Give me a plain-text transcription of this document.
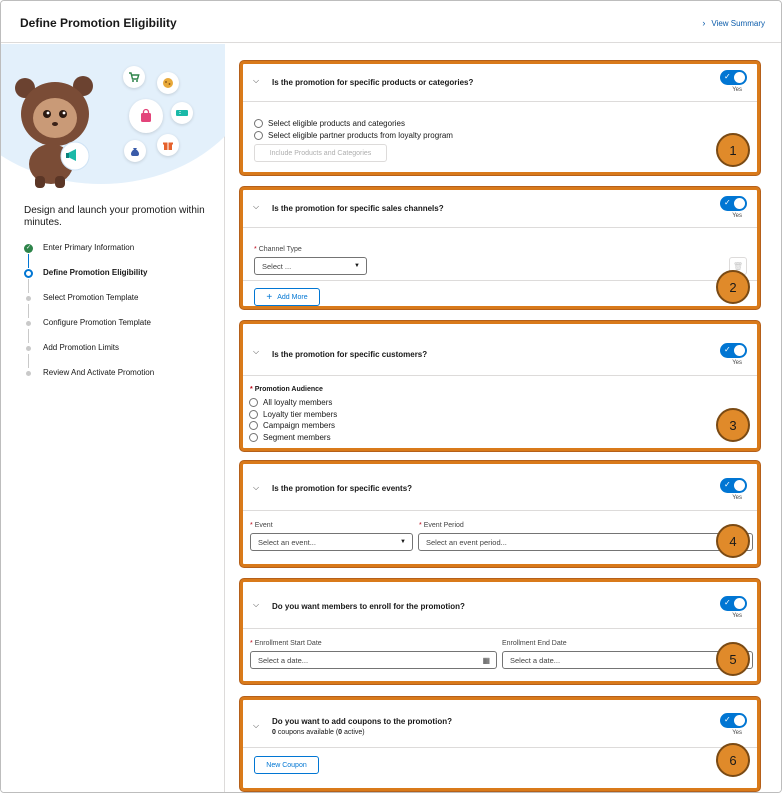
Define Promotion Eligibility	› View Summary
Design and launch your promotion within minutes.
✓ Enter Primary Information
Define Promotion Eligibility
Select Promotion Template
Configure Promotion Template
Add Promotion Limits
Review And Activate Promotion
⌵ Is the promotion for specific products or categories?
✓
Yes
Select eligible products and categories
Select eligible partner products from loyalty program
Include Products and Categories	1
⌵ Is the promotion for specific sales channels?
✓
Yes
* Channel Type
Select ...	▼	🗑
+ Add More
2
⌵ Is the promotion for specific customers?
✓
Yes
* Promotion Audience
All loyalty members
Loyalty tier members
Campaign members
Segment members
3
⌵ Is the promotion for specific events?	✓
Yes
* Event
Select an event...	▼
* Event Period
Select an event period...	4
⌵ Do you want members to enroll for the promotion?	✓
Yes
* Enrollment Start Date
Select a date...	▦
Enrollment End Date
Select a date...	5
⌵ Do you want to add coupons to the promotion?
0 coupons available (0 active)
✓
Yes
New Coupon	6
